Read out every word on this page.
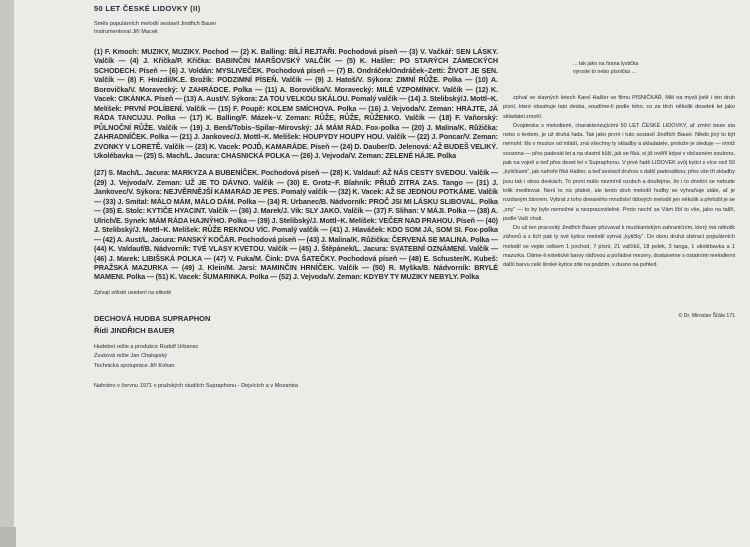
50 LET ČESKÉ LIDOVKY (II)
Směs populárních melodií sestavil Jindřich Bauer
Instrumentoval Jiří Macek

(1) F. Kmoch: MUZIKY, MUZIKY. Pochod — (2) K. Balling: BÍLÍ REJTAŘI. Pochodová píseň — (3) V. Vačkář: SEN LÁSKY. Valčík — (4) J. Křička/P. Křička: BABINČIN MARŠOVSKÝ VALČÍK — (5) K. Hašler: PO STARÝCH ZÁMECKÝCH SCHODECH. Píseň — (6) J. Voldán: MYSLIVEČEK. Pochodová píseň — (7) B. Ondráček/Ondráček–Zetti: ŽIVOT JE SEN. Valčík — (8) F. Hnízdil/K.E. Brožík: PODZIMNÍ PÍSEŇ. Valčík — (9) J. Hatoš/V. Sýkora: ZIMNÍ RŮŽE. Polka — (10) A. Borovička/V. Moravecký: V ZAHRÁDCE. Polka — (11) A. Borovička/V. Moravecký: MILÉ VZPOMÍNKY. Valčík — (12) K. Vacek: CIKÁNKA. Píseň — (13) A. Aust/V. Sýkora: ZA TOU VELKOU SKÁLOU. Pomalý valčík — (14) J. Stelibský/J. Mottl–K. Melíšek: PRVNÍ POLÍBENÍ. Valčík — (15) F. Poupě: KOLEM SMÍCHOVA. Polka — (16) J. Vejvoda/V. Zeman: HRAJTE, JÁ RÁDA TANCUJU. Polka — (17) K. Balling/F. Mázek–V. Zeman: RŮŽE, RŮŽE, RŮŽENKO. Valčík — (18) F. Vaňorský: PŮLNOČNÍ RŮŽE. Valčík — (19) J. Benš/Tobis–Spilar–Mirovský: JÁ MÁM RÁD. Fox-polka — (20) J. Malina/K. Růžička: ZAHRADNÍČEK. Polka — (21) J. Jankovec/J. Mottl–K. Melíšek: HOUPYDY HOUPY HOU. Valčík — (22) J. Poncar/V. Zeman: ZVONKY V LORETĚ. Valčík — (23) K. Vacek: POJĎ, KAMARÁDE. Píseň — (24) D. Dauber/D. Jelenová: AŽ BUDEŠ VELIKÝ. Ukolébavka — (25) S. Mach/L. Jacura: CHASNICKÁ POLKA — (26) J. Vejvoda/V. Zeman: ZELENÉ HÁJE. Polka

(27) S. Mach/L. Jacura: MARKYZA A BUBENÍČEK. Pochodová píseň — (28) K. Valdauf: AŽ NÁS CESTY SVEDOU. Valčík — (29) J. Vejvoda/V. Zeman: UŽ JE TO DÁVNO. Valčík — (30) E. Grotz–F. Blahník: PŘIJĎ ZITRA ZAS. Tango — (31) J. Jankovec/V. Sýkora: NEJVĚRNĚJŠÍ KAMARÁD JE PES. Pomalý valčík — (32) K. Vacek: AŽ SE JEDNOU POTKÁME. Valčík — (33) J. Smítal: MÁLO MÁM, MÁLO DÁM. Polka — (34) R. Urbanec/B. Nádvorník: PROČ JSI MI LÁSKU SLIBOVAL. Polka — (35) E. Stolc: KYTIČE HYACINT. Valčík — (36) J. Marek/J. Vik: SLY JAKO. Valčík — (37) F. Slihan: V MÁJI. Polka — (38) A. Ulrich/E. Synek: MÁM RÁDA HAJNÝHO. Polka — (39) J. Stelibský/J. Mottl–K. Melíšek: VEČER NAD PRAHOU. Píseň — (40) J. Stelibský/J. Mottl–K. Melíšek: RŮŽE REKNOU VÍC. Pomalý valčík — (41) J. Hlaváček: KDO SOM JA, SOM SI. Fox-polka — (42) A. Aust/L. Jacura: PANSKÝ KOČÁR. Pochodová píseň — (43) J. Malina/K. Růžička: ČERVENÁ SE MALINA. Polka — (44) K. Valdauf/B. Nádvorník: TVÉ VLASY KVETOU. Valčík — (45) J. Štěpánek/L. Jacura: SVATEBNÍ OZNÁMENÍ. Valčík — (46) J. Marek: LIBIŠSKÁ POLKA — (47) V. Fuka/M. Čink: DVA ŠATEČKY. Pochodová píseň — (48) E. Schuster/K. Kubeš: PRAŽSKÁ MAZURKA — (49) J. Klein/M. Jarsi: MAMINČIN HRNÍČEK. Valčík — (50) R. Myška/B. Nádvorník: BRYLÉ MAMENI. Polka — (51) K. Vacek: ŠUMARINKA. Polka — (52) J. Vejvoda/V. Zeman: KDYBY TY MUZIKY NEBYLY. Polka

Zpívají sólisté uvedení na etiketě
DECHOVÁ HUDBA SUPRAPHON
Řídí JINDŘICH BAUER
Hudební režie a produkce Rudolf Urbanec
Zvuková režie Jan Chalupský
Technická spolupráce Jiří Kohan
Nahráno v červnu 1971 v pražských studiích Supraphonu - Dejvících a v Mozartea
... tak jako na hrana lystička
vyroste to nebo písnička ...

zpíval ve slavných letech Karel Hašler ve filmu PISNIČKÁŘ. Měl na mysli jistě i ten druh písní, které obsahuje tato deska, soudíme-li podle toho, co za těch několik desetek let jako skladatel zmohl.

Dvojdeska s melodiemi, charakterizujícími 50 LET ČESKÉ LIDOVKY, ať zmíní beze sta nebo s textem, je už druhá řada. Tak jako první i tuto sestavil Jindřich Bauer. Nikdo jiný to být nemohl: šlo v muzice od mládí, zná všechny ty skladby a skladatele, protože je sleduje — nimiž souzena — přes padesát let a na vlastní kůži, jak se říká, si již ověřil kdysi v občasném souboru, pak na vojně a teď přes deset let v Supraphonu. V prvé řadě LIDOVEK svůj kytici s více než 50 „kytičkami“, jak nahoře říká Hašler, a teď sestavil druhou s další padesátkou; přes vše tří skladby jsou tak i obou deskách. To první málo nezmínil ozubch a doufejme, že i to dnešní se nebude tolik meditovat. Není to nic platné, ale tento druh melodií hudby se vyhraňuje stále, ať je rozdaným žánrem. Vybrat z toho dneaného množství lidových melodií jen několik a přeložit je se „sny“ — to by bylo nemožné a nezpracovitelné. Proto nechť se Vám líbí to vše, jako na talíři, podle Vaší chuti.

Do už ten pracovitý Jindřich Bauer přizvaval k muzikantským zahraničním, který má několik záhonů a z tich pak ty své kytice melodií vytrvá „kytičky“. Do obou druhá sběrací populárních melodií se vejde celkem 1 pochod, 7 písní, 21 valčíků, 18 polek, 3 tanga, 1 ukolébavka a 1 mazurka. Dáme-li estetické barvy ráďovou a pořádné mezery, dostaneme s ostatními melodiemi další barvu celé široké kytice zde na podzim, v dusno na pohled.

© Dr. Miroslav Šťála 171
